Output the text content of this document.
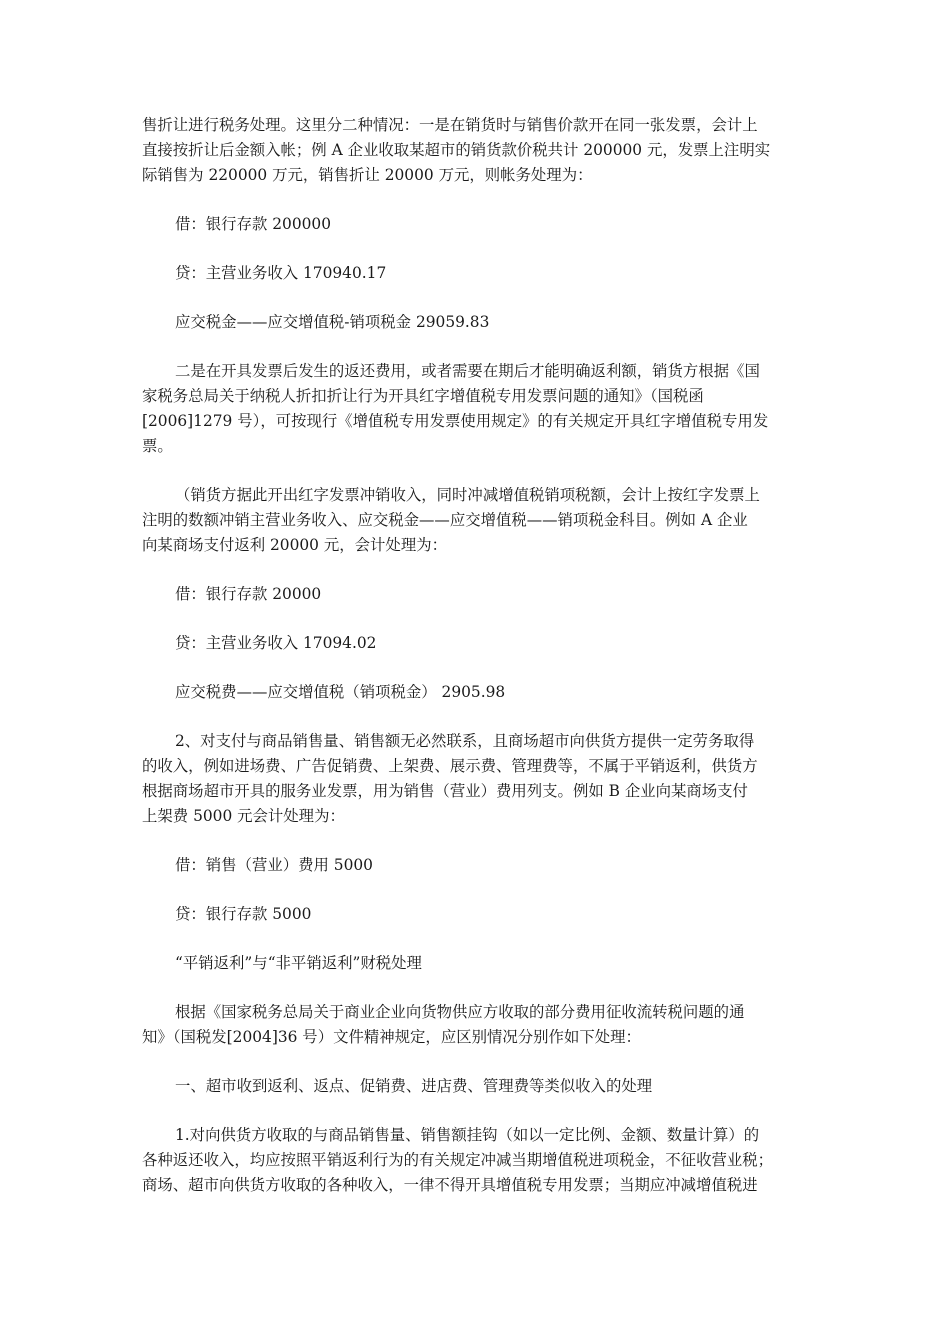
售折让进行税务处理。这里分二种情况：一是在销货时与销售价款开在同一张发票，会计上
直接按折让后金额入帐；例 A 企业收取某超市的销货款价税共计 200000 元，发票上注明实
际销售为 220000 万元，销售折让 20000 万元，则帐务处理为：
借：银行存款 200000
贷：主营业务收入 170940.17
应交税金——应交增值税-销项税金 29059.83
二是在开具发票后发生的返还费用，或者需要在期后才能明确返利额，销货方根据《国
家税务总局关于纳税人折扣折让行为开具红字增值税专用发票问题的通知》（国税函
[2006]1279 号），可按现行《增值税专用发票使用规定》的有关规定开具红字增值税专用发
票。
（销货方据此开出红字发票冲销收入，同时冲减增值税销项税额，会计上按红字发票上
注明的数额冲销主营业务收入、应交税金——应交增值税——销项税金科目。例如 A 企业
向某商场支付返利 20000 元，会计处理为：
借：银行存款 20000
贷：主营业务收入 17094.02
应交税费——应交增值税（销项税金） 2905.98
2、对支付与商品销售量、销售额无必然联系，且商场超市向供货方提供一定劳务取得
的收入，例如进场费、广告促销费、上架费、展示费、管理费等，不属于平销返利，供货方
根据商场超市开具的服务业发票，用为销售（营业）费用列支。例如 B 企业向某商场支付
上架费 5000 元会计处理为：
借：销售（营业）费用 5000
贷：银行存款 5000
“平销返利”与“非平销返利”财税处理
根据《国家税务总局关于商业企业向货物供应方收取的部分费用征收流转税问题的通
知》（国税发[2004]36 号）文件精神规定，应区别情况分别作如下处理：
一、超市收到返利、返点、促销费、进店费、管理费等类似收入的处理
1.对向供货方收取的与商品销售量、销售额挂钩（如以一定比例、金额、数量计算）的
各种返还收入，均应按照平销返利行为的有关规定冲减当期增值税进项税金，不征收营业税；
商场、超市向供货方收取的各种收入，一律不得开具增值税专用发票；当期应冲减增值税进
